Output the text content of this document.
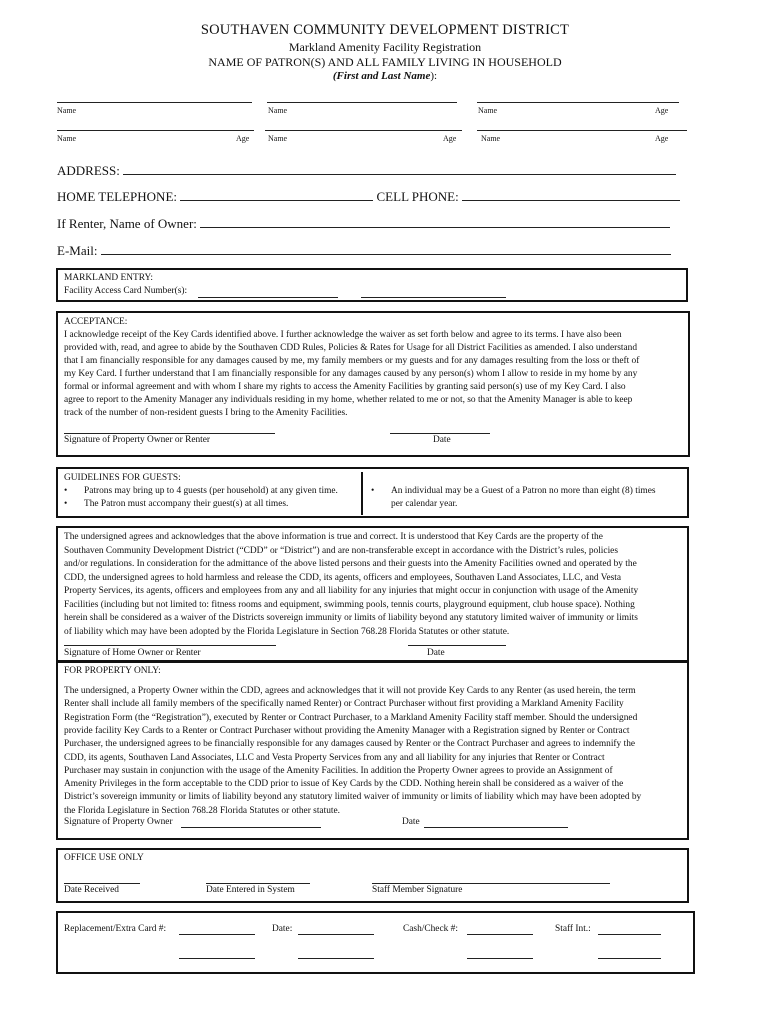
SOUTHAVEN COMMUNITY DEVELOPMENT DISTRICT
Markland Amenity Facility Registration
NAME OF PATRON(S) AND ALL FAMILY LIVING IN HOUSEHOLD
(First and Last Name):
Name	Name	Name	Age
Name	Age Name	Age	Name	Age
ADDRESS:
HOME TELEPHONE:	CELL PHONE:
If Renter, Name of Owner:
E-Mail:
MARKLAND ENTRY:
Facility Access Card Number(s):
ACCEPTANCE:
I acknowledge receipt of the Key Cards identified above. I further acknowledge the waiver as set forth below and agree to its terms. I have also been
provided with, read, and agree to abide by the Southaven CDD Rules, Policies & Rates for Usage for all District Facilities as amended. I also understand
that I am financially responsible for any damages caused by me, my family members or my guests and for any damages resulting from the loss or theft of
my Key Card. I further understand that I am financially responsible for any damages caused by any person(s) whom I allow to reside in my home by any
formal or informal agreement and with whom I share my rights to access the Amenity Facilities by granting said person(s) use of my Key Card. I also
agree to report to the Amenity Manager any individuals residing in my home, whether related to me or not, so that the Amenity Manager is able to keep
track of the number of non-resident guests I bring to the Amenity Facilities.
Signature of Property Owner or Renter	Date
GUIDELINES FOR GUESTS:
• Patrons may bring up to 4 guests (per household) at any given time.
• The Patron must accompany their guest(s) at all times.
• An individual may be a Guest of a Patron no more than eight (8) times
per calendar year.
The undersigned agrees and acknowledges that the above information is true and correct. It is understood that Key Cards are the property of the
Southaven Community Development District (“CDD” or “District”) and are non-transferable except in accordance with the District’s rules, policies
and/or regulations. In consideration for the admittance of the above listed persons and their guests into the Amenity Facilities owned and operated by the
CDD, the undersigned agrees to hold harmless and release the CDD, its agents, officers and employees, Southaven Land Associates, LLC, and Vesta
Property Services, its agents, officers and employees from any and all liability for any injuries that might occur in conjunction with usage of the Amenity
Facilities (including but not limited to: fitness rooms and equipment, swimming pools, tennis courts, playground equipment, club house space). Nothing
herein shall be considered as a waiver of the Districts sovereign immunity or limits of liability beyond any statutory limited waiver of immunity or limits
of liability which may have been adopted by the Florida Legislature in Section 768.28 Florida Statutes or other statute.
Signature of Home Owner or Renter	Date
FOR PROPERTY ONLY:
The undersigned, a Property Owner within the CDD, agrees and acknowledges that it will not provide Key Cards to any Renter (as used herein, the term
Renter shall include all family members of the specifically named Renter) or Contract Purchaser without first providing a Markland Amenity Facility
Registration Form (the “Registration”), executed by Renter or Contract Purchaser, to a Markland Amenity Facility staff member. Should the undersigned
provide facility Key Cards to a Renter or Contract Purchaser without providing the Amenity Manager with a Registration signed by Renter or Contract
Purchaser, the undersigned agrees to be financially responsible for any damages caused by Renter or the Contract Purchaser and agrees to indemnify the
CDD, its agents, Southaven Land Associates, LLC and Vesta Property Services from any and all liability for any injuries that Renter or Contract
Purchaser may sustain in conjunction with the usage of the Amenity Facilities. In addition the Property Owner agrees to provide an Assignment of
Amenity Privileges in the form acceptable to the CDD prior to issue of Key Cards by the CDD. Nothing herein shall be considered as a waiver of the
District’s sovereign immunity or limits of liability beyond any statutory limited waiver of immunity or limits of liability which may have been adopted by
the Florida Legislature in Section 768.28 Florida Statutes or other statute.
Signature of Property Owner	Date
OFFICE USE ONLY
Date Received	Date Entered in System	Staff Member Signature
Replacement/Extra Card #:	Date:	Cash/Check #:	Staff Int.:
